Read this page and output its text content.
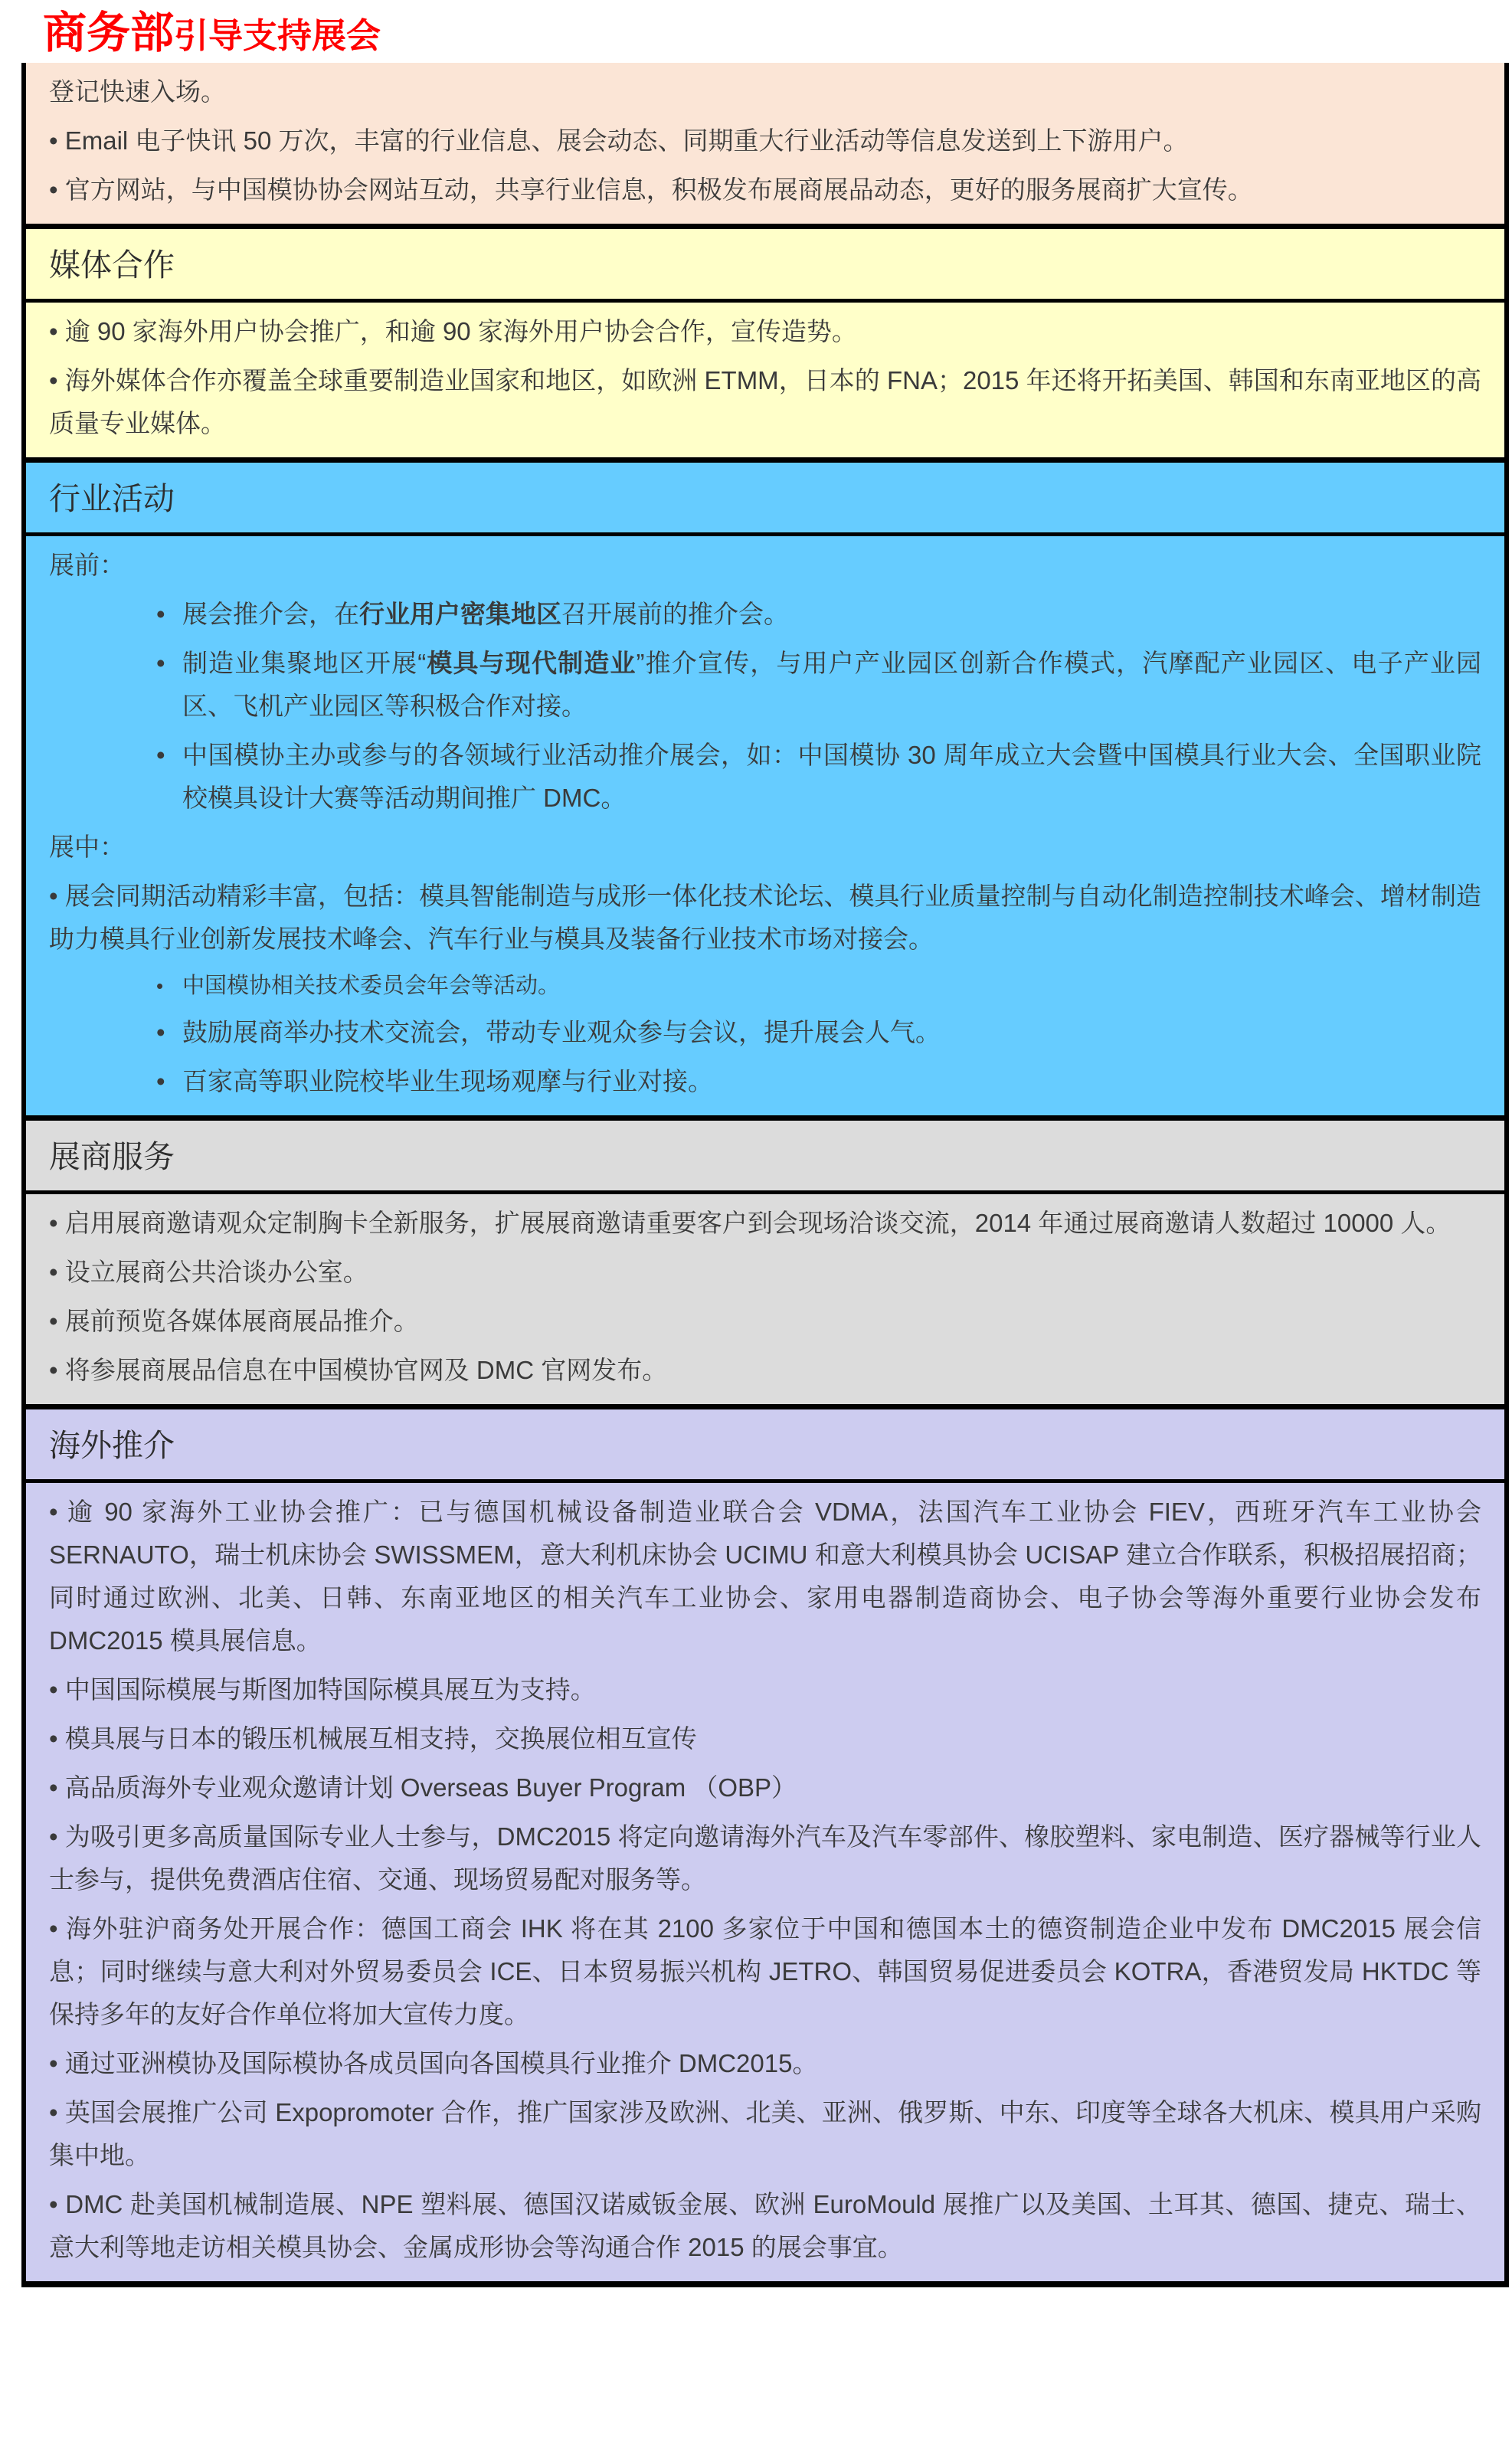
商务部引导支持展会

登记快速入场。

• Email 电子快讯 50 万次，丰富的行业信息、展会动态、同期重大行业活动等信息发送到上下游用户。

• 官方网站，与中国模协协会网站互动，共享行业信息，积极发布展商展品动态，更好的服务展商扩大宣传。

媒体合作

• 逾 90 家海外用户协会推广，和逾 90 家海外用户协会合作，宣传造势。

• 海外媒体合作亦覆盖全球重要制造业国家和地区，如欧洲 ETMM，日本的 FNA；2015 年还将开拓美国、韩国和东南亚地区的高质量专业媒体。

行业活动

展前：

• 展会推介会，在行业用户密集地区召开展前的推介会。

• 制造业集聚地区开展“模具与现代制造业”推介宣传，与用户产业园区创新合作模式，汽摩配产业园区、电子产业园区、飞机产业园区等积极合作对接。

• 中国模协主办或参与的各领域行业活动推介展会，如：中国模协 30 周年成立大会暨中国模具行业大会、全国职业院校模具设计大赛等活动期间推广 DMC。

展中：

• 展会同期活动精彩丰富，包括：模具智能制造与成形一体化技术论坛、模具行业质量控制与自动化制造控制技术峰会、增材制造助力模具行业创新发展技术峰会、汽车行业与模具及装备行业技术市场对接会。

• 中国模协相关技术委员会年会等活动。

• 鼓励展商举办技术交流会，带动专业观众参与会议，提升展会人气。

• 百家高等职业院校毕业生现场观摩与行业对接。

展商服务

• 启用展商邀请观众定制胸卡全新服务，扩展展商邀请重要客户到会现场洽谈交流，2014 年通过展商邀请人数超过 10000 人。

• 设立展商公共洽谈办公室。

• 展前预览各媒体展商展品推介。

• 将参展商展品信息在中国模协官网及 DMC 官网发布。

海外推介

• 逾 90 家海外工业协会推广：已与德国机械设备制造业联合会 VDMA，法国汽车工业协会 FIEV，西班牙汽车工业协会 SERNAUTO，瑞士机床协会 SWISSMEM，意大利机床协会 UCIMU 和意大利模具协会 UCISAP 建立合作联系，积极招展招商；同时通过欧洲、北美、日韩、东南亚地区的相关汽车工业协会、家用电器制造商协会、电子协会等海外重要行业协会发布 DMC2015 模具展信息。

• 中国国际模展与斯图加特国际模具展互为支持。

• 模具展与日本的锻压机械展互相支持，交换展位相互宣传

• 高品质海外专业观众邀请计划 Overseas Buyer Program （OBP）

• 为吸引更多高质量国际专业人士参与，DMC2015 将定向邀请海外汽车及汽车零部件、橡胶塑料、家电制造、医疗器械等行业人士参与，提供免费酒店住宿、交通、现场贸易配对服务等。

• 海外驻沪商务处开展合作：德国工商会 IHK 将在其 2100 多家位于中国和德国本土的德资制造企业中发布 DMC2015 展会信息；同时继续与意大利对外贸易委员会 ICE、日本贸易振兴机构 JETRO、韩国贸易促进委员会 KOTRA，香港贸发局 HKTDC 等保持多年的友好合作单位将加大宣传力度。

• 通过亚洲模协及国际模协各成员国向各国模具行业推介 DMC2015。

• 英国会展推广公司 Expopromoter 合作，推广国家涉及欧洲、北美、亚洲、俄罗斯、中东、印度等全球各大机床、模具用户采购集中地。

• DMC 赴美国机械制造展、NPE 塑料展、德国汉诺威钣金展、欧洲 EuroMould 展推广以及美国、土耳其、德国、捷克、瑞士、意大利等地走访相关模具协会、金属成形协会等沟通合作 2015 的展会事宜。
